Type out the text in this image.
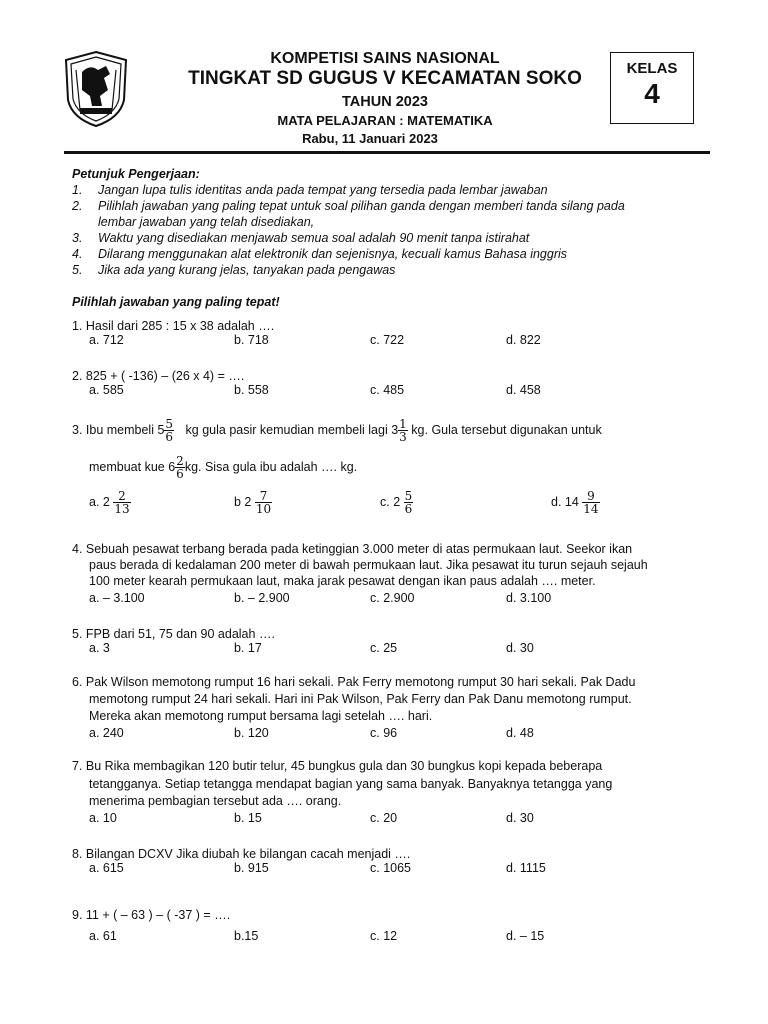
KOMPETISI SAINS NASIONAL
TINGKAT SD GUGUS V KECAMATAN SOKO
TAHUN 2023
MATA PELAJARAN : MATEMATIKA
Rabu, 11 Januari 2023
KELAS
4
Petunjuk Pengerjaan:
1. Jangan lupa tulis identitas anda pada tempat yang tersedia pada lembar jawaban
2. Pilihlah jawaban yang paling tepat untuk soal pilihan ganda dengan memberi tanda silang pada
lembar jawaban yang telah disediakan,
3. Waktu yang disediakan menjawab semua soal adalah 90 menit tanpa istirahat
4. Dilarang menggunakan alat elektronik dan sejenisnya, kecuali kamus Bahasa inggris
5. Jika ada yang kurang jelas, tanyakan pada pengawas
Pilihlah jawaban yang paling tepat!
1. Hasil dari 285 : 15 x 38 adalah ….
a. 712	b. 718	c. 722	d. 822
2. 825 + ( -136) – (26 x 4) = ….
a. 585	b. 558	c. 485	d. 458
3. Ibu membeli $5 \frac{5}{6}$ kg gula pasir kemudian membeli lagi $3 \frac{1}{3}$ kg. Gula tersebut digunakan untuk
membuat kue $6 \frac{2}{6}$ kg. Sisa gula ibu adalah …. kg.
a. $2 \frac{2}{13}$	b $2 \frac{7}{10}$	c. $2 \frac{5}{6}$	d. $14 \frac{9}{14}$
4. Sebuah pesawat terbang berada pada ketinggian 3.000 meter di atas permukaan laut. Seekor ikan
paus berada di kedalaman 200 meter di bawah permukaan laut. Jika pesawat itu turun sejauh sejauh
100 meter kearah permukaan laut, maka jarak pesawat dengan ikan paus adalah …. meter.
a. – 3.100	b. – 2.900	c. 2.900	d. 3.100
5. FPB dari 51, 75 dan 90 adalah ….
a. 3	b. 17	c. 25	d. 30
6. Pak Wilson memotong rumput 16 hari sekali. Pak Ferry memotong rumput 30 hari sekali. Pak Dadu
memotong rumput 24 hari sekali. Hari ini Pak Wilson, Pak Ferry dan Pak Danu memotong rumput.
Mereka akan memotong rumput bersama lagi setelah …. hari.
a. 240	b. 120	c. 96	d. 48
7. Bu Rika membagikan 120 butir telur, 45 bungkus gula dan 30 bungkus kopi kepada beberapa
tetangganya. Setiap tetangga mendapat bagian yang sama banyak. Banyaknya tetangga yang
menerima pembagian tersebut ada …. orang.
a. 10	b. 15	c. 20	d. 30
8. Bilangan DCXV Jika diubah ke bilangan cacah menjadi ….
a. 615	b. 915	c. 1065	d. 1115
9. 11 + ( – 63 ) – ( -37 ) = ….
a. 61	b.15	c. 12	d. – 15
